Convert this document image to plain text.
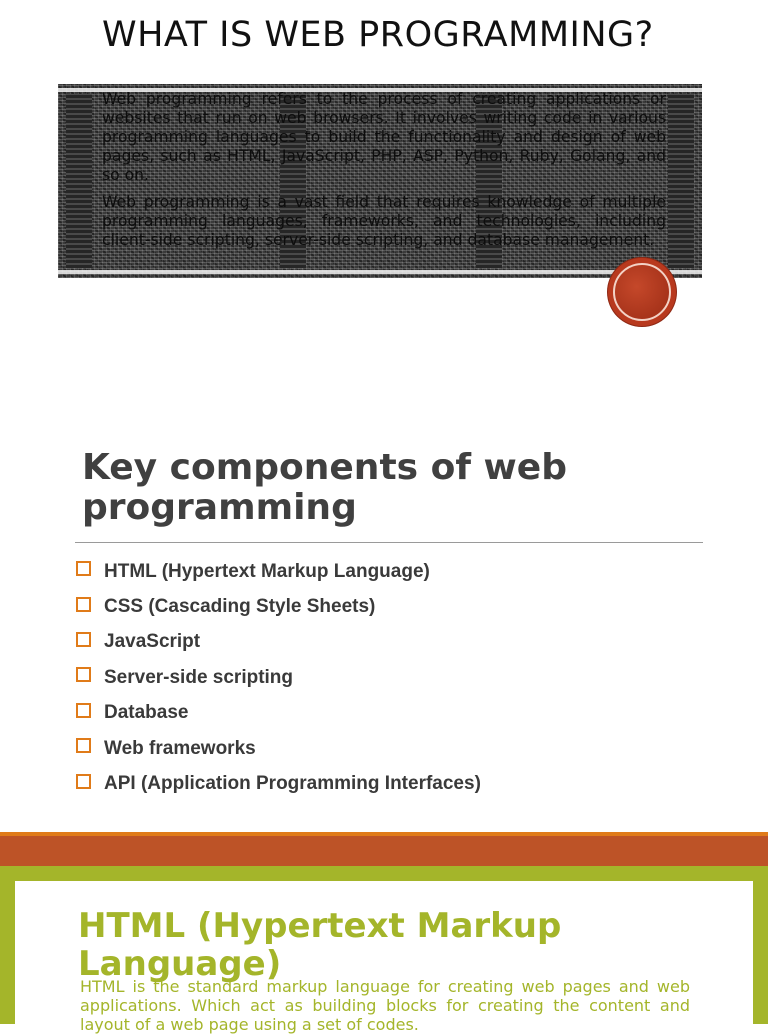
WHAT IS WEB PROGRAMMING?

Web programming refers to the process of creating applications or websites that run on web browsers. It involves writing code in various programming languages to build the functionality and design of web pages, such as HTML, JavaScript, PHP, ASP, Python, Ruby, Golang, and so on.

Web programming is a vast field that requires knowledge of multiple programming languages, frameworks, and technologies, including client-side scripting, server-side scripting, and database management.

Key components of web programming
HTML (Hypertext Markup Language)
CSS (Cascading Style Sheets)
JavaScript
Server-side scripting
Database
Web frameworks
API (Application Programming Interfaces)
HTML (Hypertext Markup Language)

HTML is the standard markup language for creating web pages and web applications. Which act as building blocks for creating the content and layout of a web page using a set of codes.
